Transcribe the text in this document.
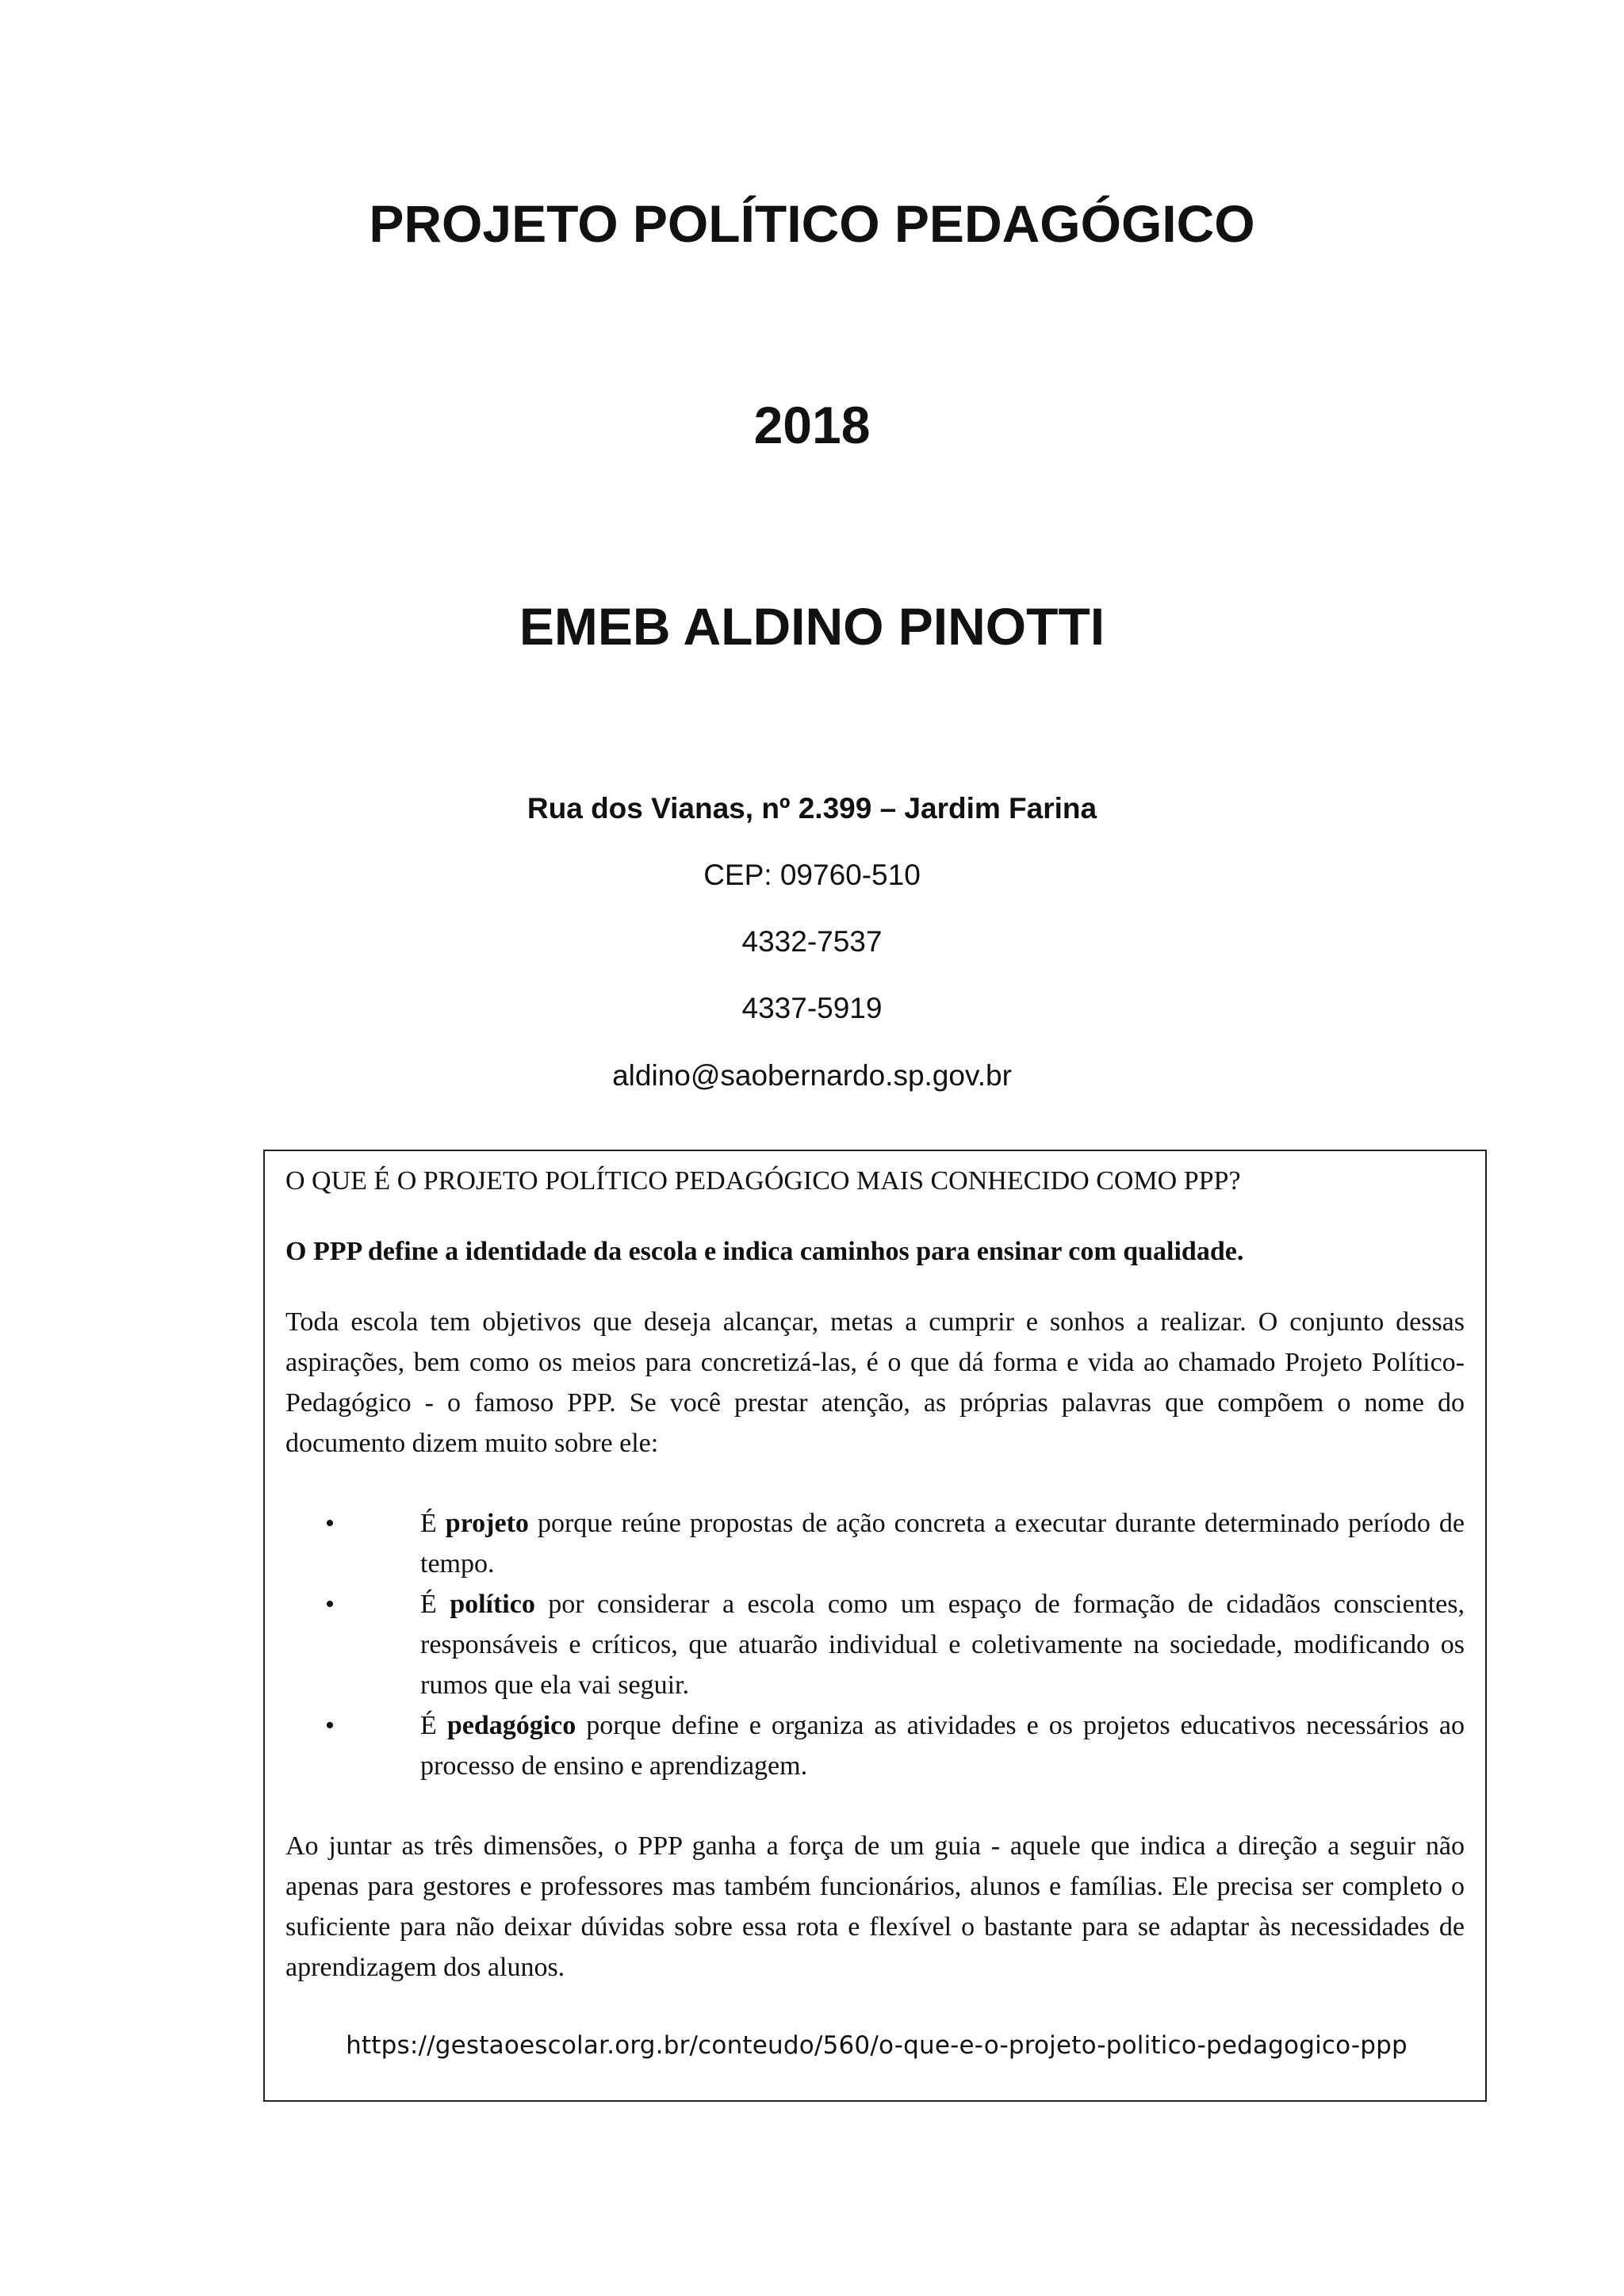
PROJETO POLÍTICO PEDAGÓGICO
2018
EMEB ALDINO PINOTTI
Rua dos Vianas, nº 2.399 – Jardim Farina
CEP: 09760-510
4332-7537
4337-5919
aldino@saobernardo.sp.gov.br

O QUE É O PROJETO POLÍTICO PEDAGÓGICO MAIS CONHECIDO COMO PPP?

O PPP define a identidade da escola e indica caminhos para ensinar com qualidade.

Toda escola tem objetivos que deseja alcançar, metas a cumprir e sonhos a realizar. O conjunto dessas aspirações, bem como os meios para concretizá-las, é o que dá forma e vida ao chamado Projeto Político-Pedagógico - o famoso PPP. Se você prestar atenção, as próprias palavras que compõem o nome do documento dizem muito sobre ele:

•	É projeto porque reúne propostas de ação concreta a executar durante determinado período de tempo.
•	É político por considerar a escola como um espaço de formação de cidadãos conscientes, responsáveis e críticos, que atuarão individual e coletivamente na sociedade, modificando os rumos que ela vai seguir.
•	É pedagógico porque define e organiza as atividades e os projetos educativos necessários ao processo de ensino e aprendizagem.

Ao juntar as três dimensões, o PPP ganha a força de um guia - aquele que indica a direção a seguir não apenas para gestores e professores mas também funcionários, alunos e famílias. Ele precisa ser completo o suficiente para não deixar dúvidas sobre essa rota e flexível o bastante para se adaptar às necessidades de aprendizagem dos alunos.

https://gestaoescolar.org.br/conteudo/560/o-que-e-o-projeto-politico-pedagogico-ppp
